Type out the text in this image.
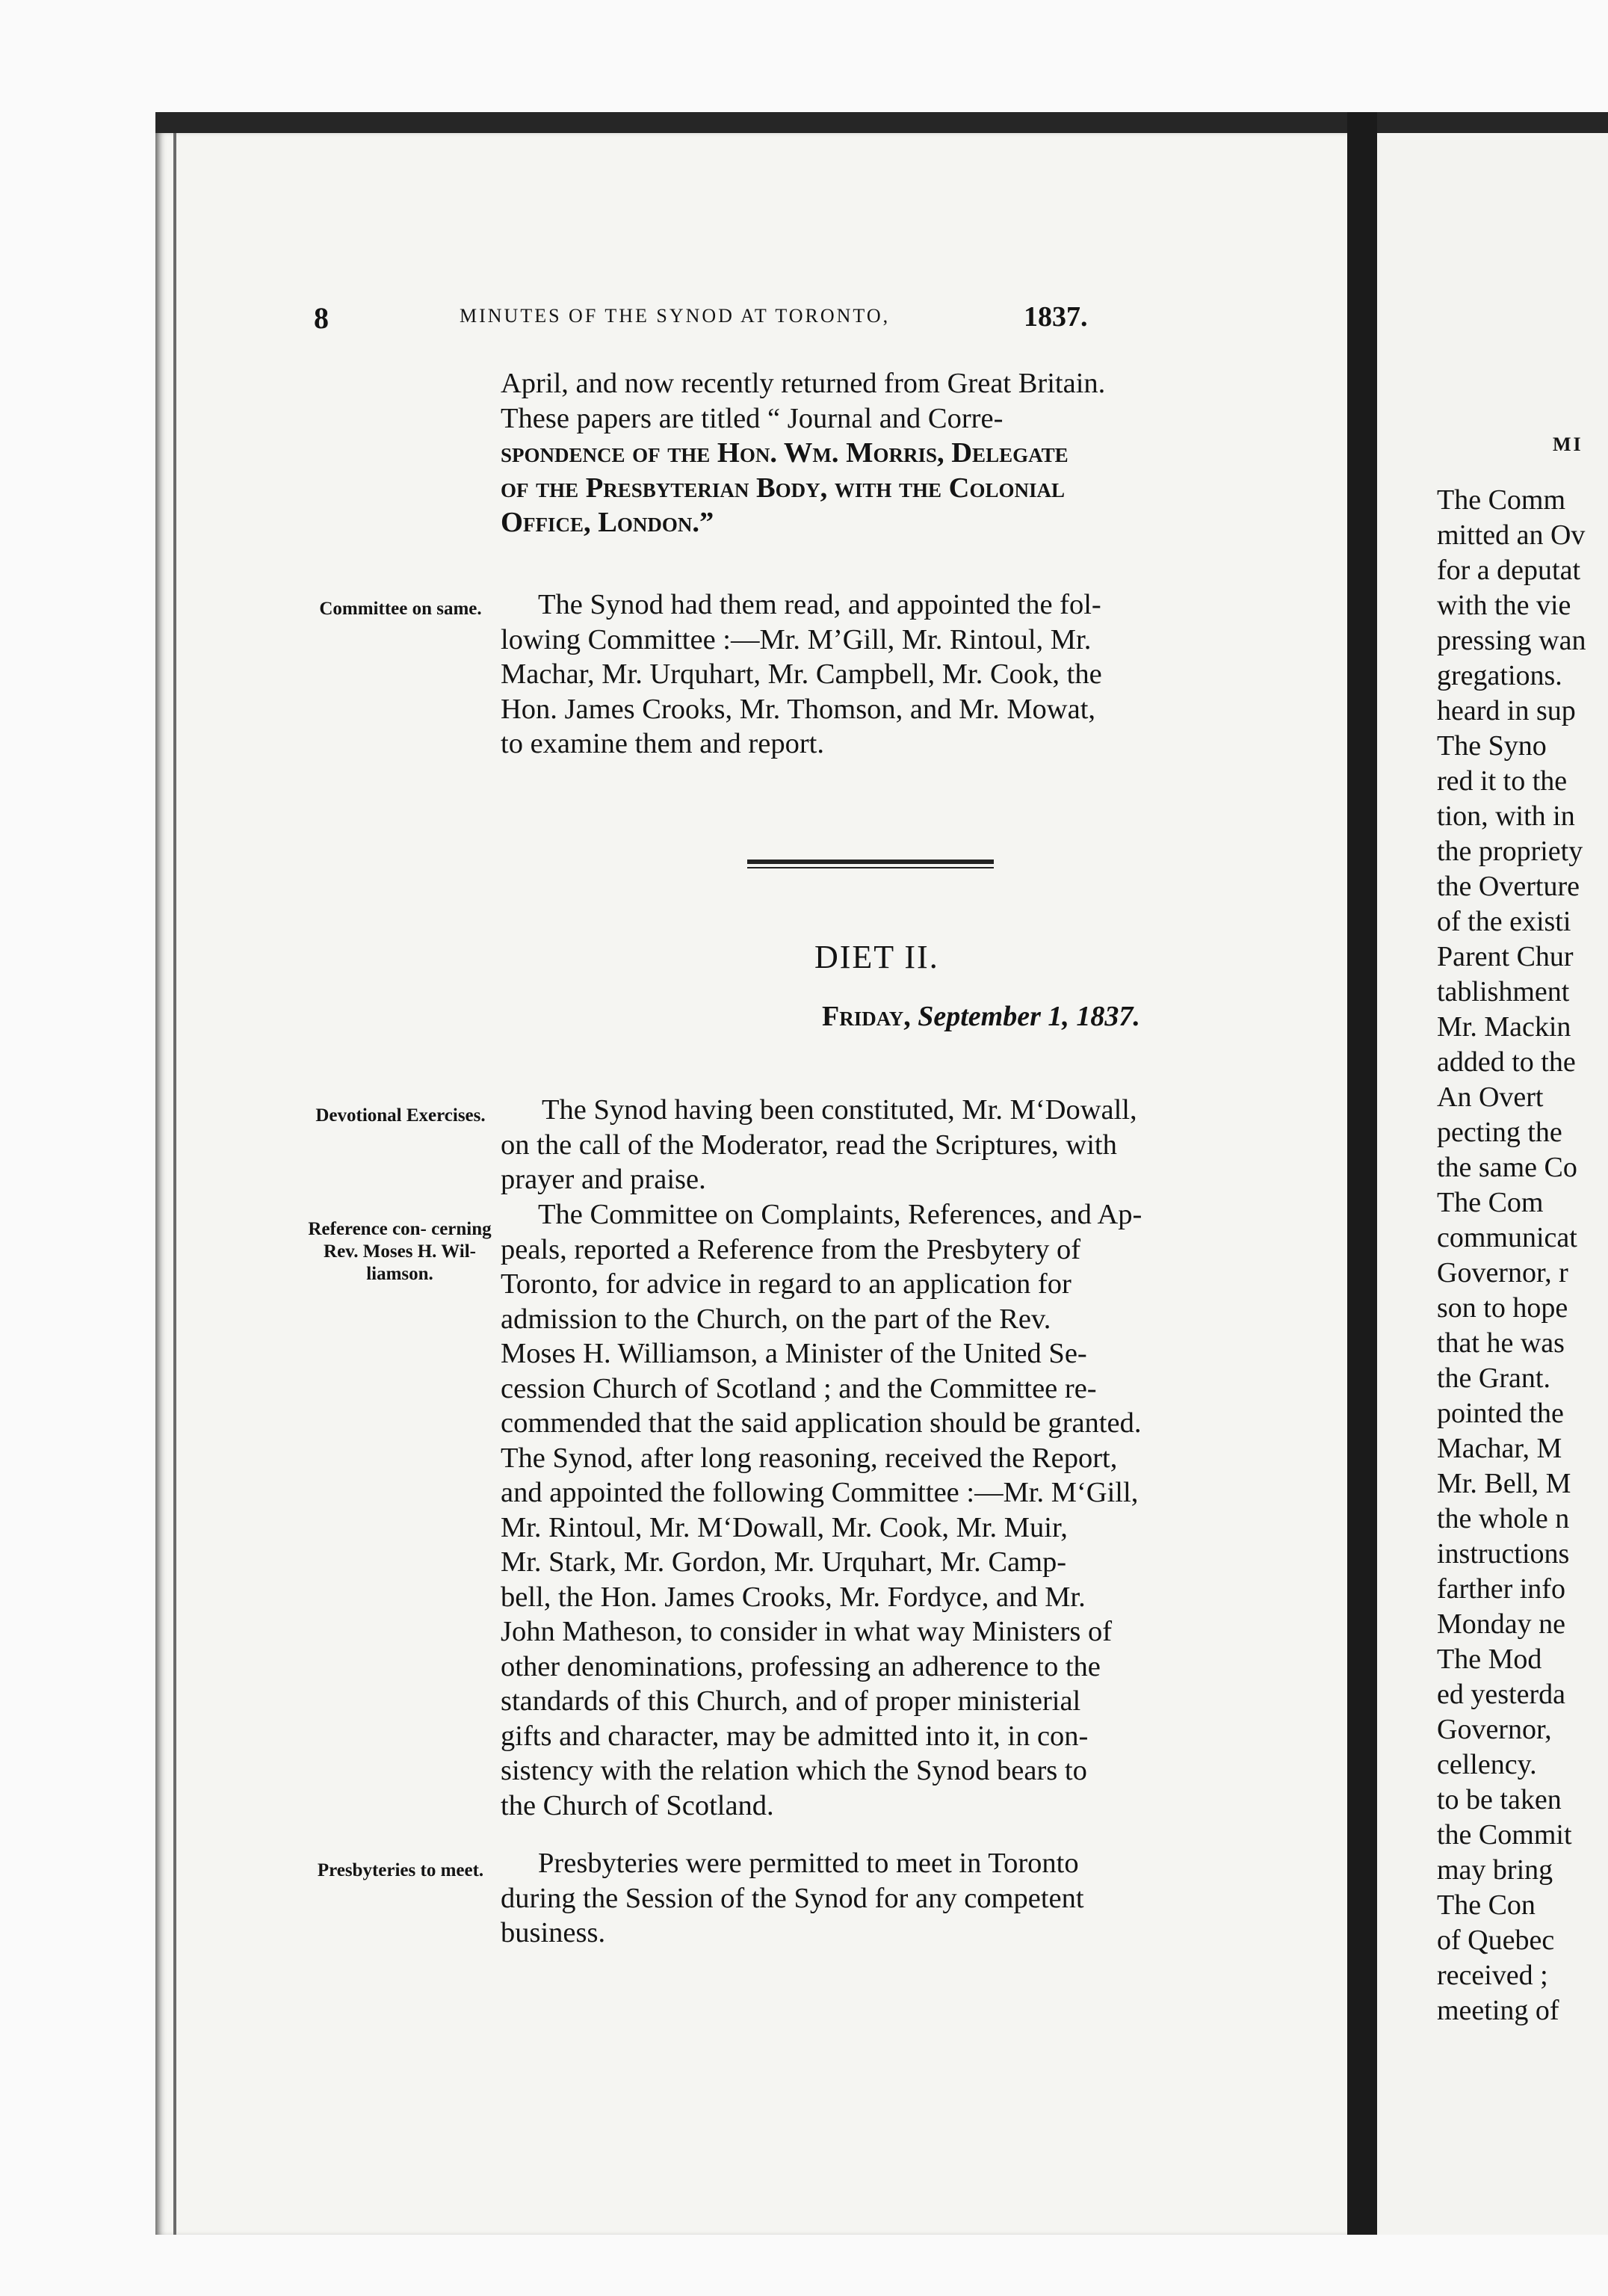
8	MINUTES OF THE SYNOD AT TORONTO,	1837.

April, and now recently returned from Great Britain.

These papers are titled “ Journal and Corre-

spondence of the Hon. Wm. Morris, Delegate

of the Presbyterian Body, with the Colonial

Office, London.”

Committee on same.	The Synod had them read, and appointed the fol-

lowing Committee :—Mr. M’Gill, Mr. Rintoul, Mr.

Machar, Mr. Urquhart, Mr. Campbell, Mr. Cook, the

Hon. James Crooks, Mr. Thomson, and Mr. Mowat,

to examine them and report.

DIET II.
Friday, September 1, 1837.
Devotional Exercises.	The Synod having been constituted, Mr. M‘Dowall,

on the call of the Moderator, read the Scriptures, with

prayer and praise.

Reference con- cerning Rev. Moses H. Wil- liamson.

The Committee on Complaints, References, and Ap-

peals, reported a Reference from the Presbytery of

Toronto, for advice in regard to an application for

admission to the Church, on the part of the Rev.

Moses H. Williamson, a Minister of the United Se-

cession Church of Scotland ; and the Committee re-

commended that the said application should be granted.

The Synod, after long reasoning, received the Report,

and appointed the following Committee :—Mr. M‘Gill,

Mr. Rintoul, Mr. M‘Dowall, Mr. Cook, Mr. Muir,

Mr. Stark, Mr. Gordon, Mr. Urquhart, Mr. Camp-

bell, the Hon. James Crooks, Mr. Fordyce, and Mr.

John Matheson, to consider in what way Ministers of

other denominations, professing an adherence to the

standards of this Church, and of proper ministerial

gifts and character, may be admitted into it, in con-

sistency with the relation which the Synod bears to

the Church of Scotland.

Presbyteries to meet.	Presbyteries were permitted to meet in Toronto

during the Session of the Synod for any competent

business.

MI
The Comm
mitted an Ov
for a deputat
with the vie
pressing wan
gregations.
heard in sup
The Syno
red it to the
tion, with in
the propriety
the Overture
of the existi
Parent Chur
tablishment
Mr. Mackin
added to the
An Overt
pecting the
the same Co
The Com
communicat
Governor, r
son to hope
that he was
the Grant.
pointed the
Machar, M
Mr. Bell, M
the whole n
instructions
farther info
Monday ne
The Mod
ed yesterda
Governor,
cellency.
to be taken
the Commit
may bring
The Con
of Quebec
received ;
meeting of
